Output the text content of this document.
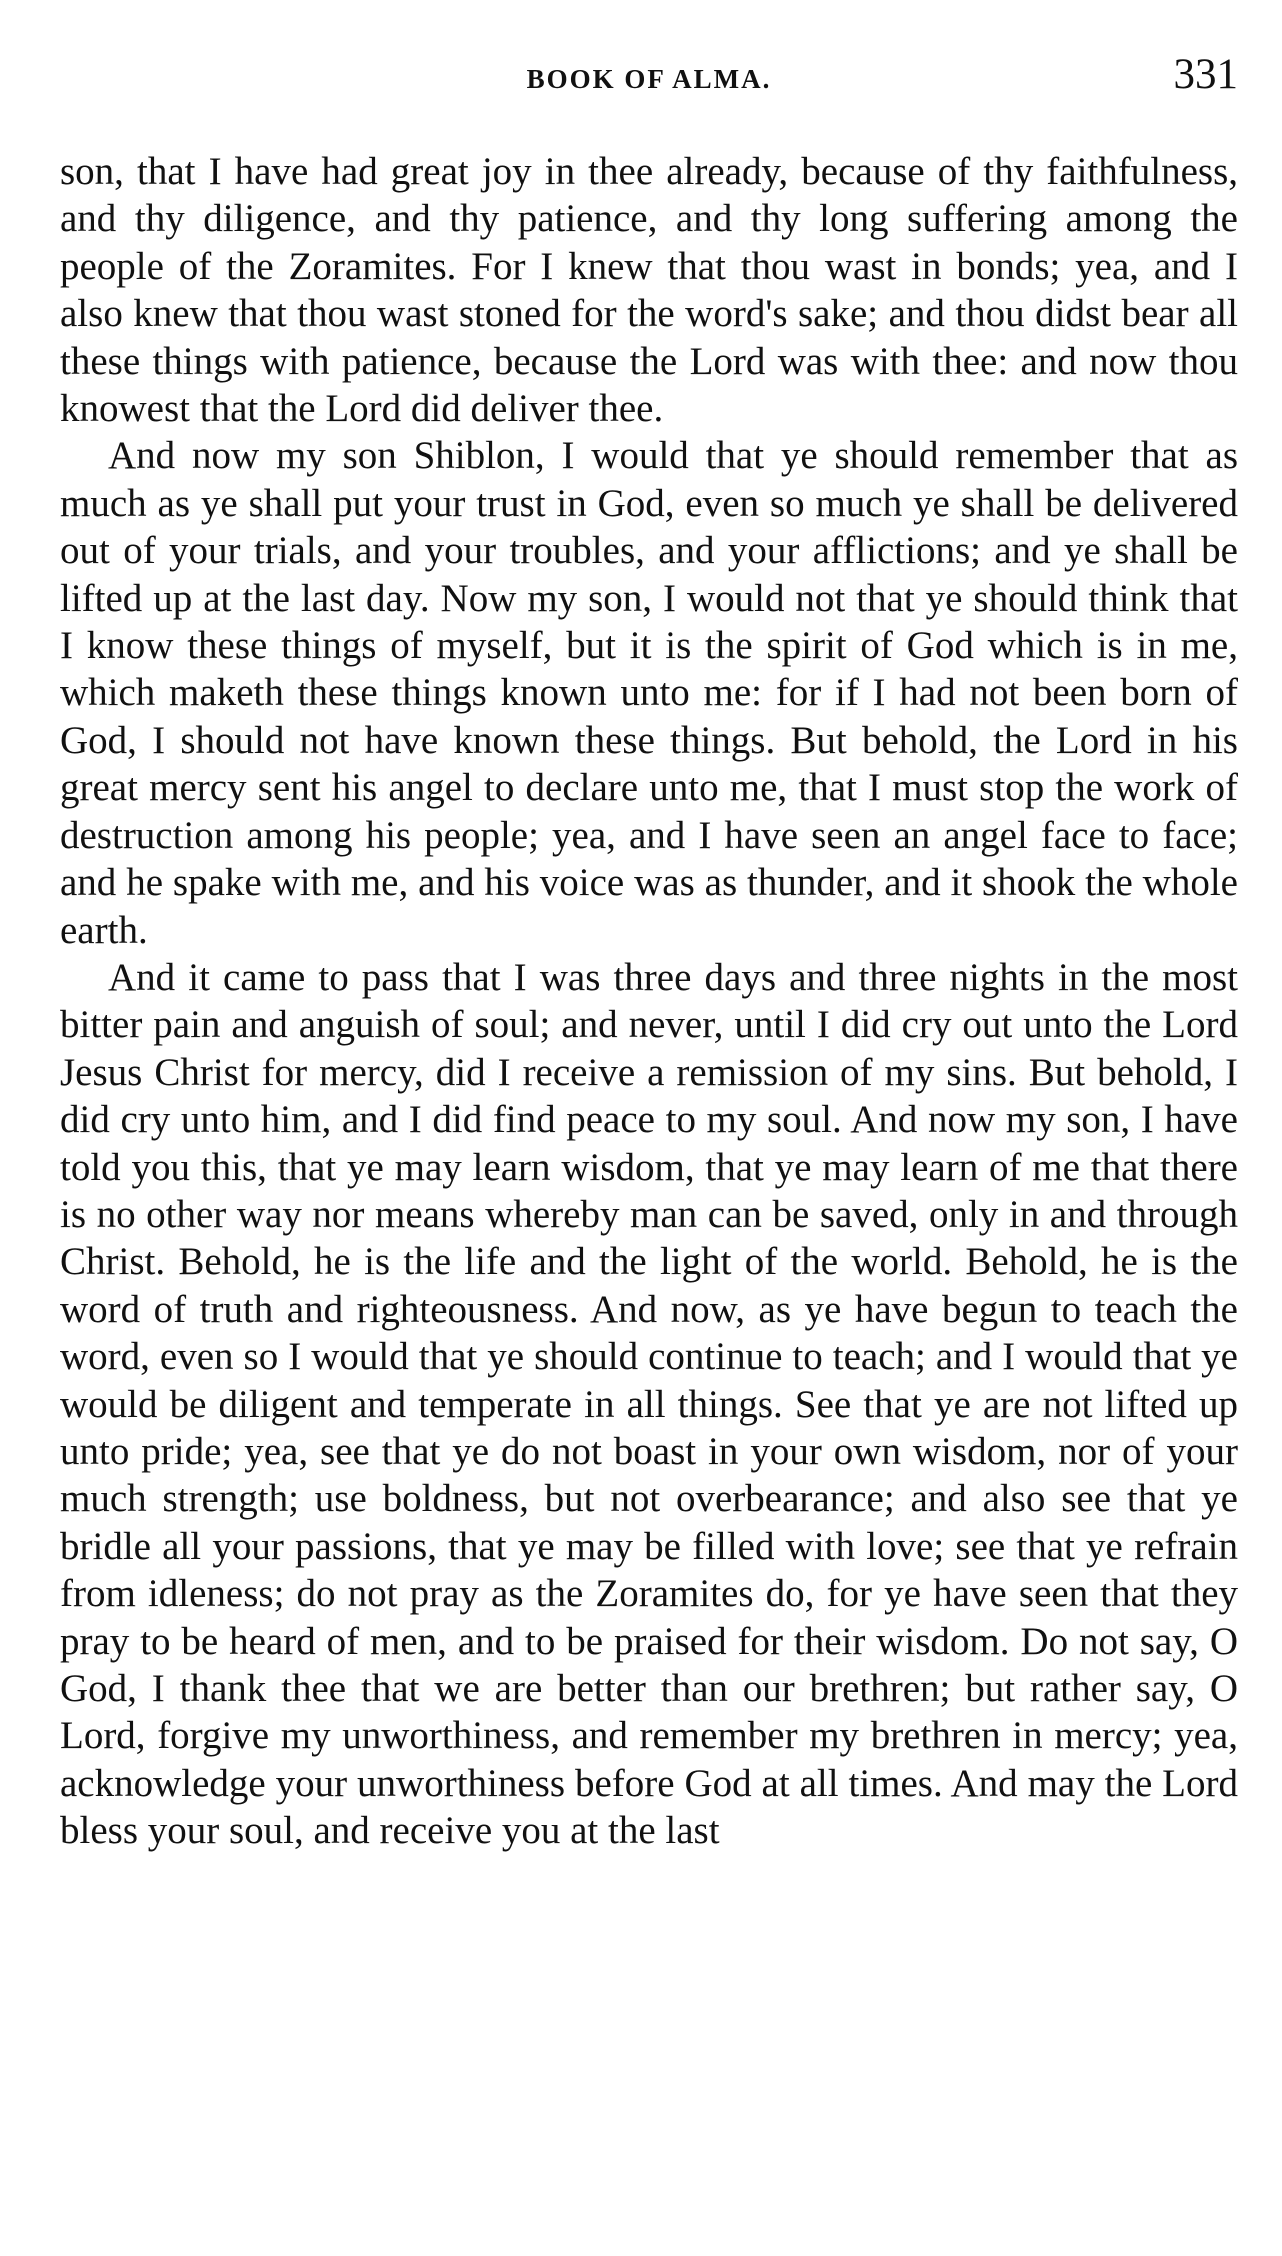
BOOK OF ALMA.	331

son, that I have had great joy in thee already, because of thy faithfulness, and thy diligence, and thy patience, and thy long suffering among the people of the Zoramites. For I knew that thou wast in bonds; yea, and I also knew that thou wast stoned for the word's sake; and thou didst bear all these things with patience, because the Lord was with thee: and now thou knowest that the Lord did deliver thee.

And now my son Shiblon, I would that ye should remember that as much as ye shall put your trust in God, even so much ye shall be delivered out of your trials, and your troubles, and your afflictions; and ye shall be lifted up at the last day. Now my son, I would not that ye should think that I know these things of myself, but it is the spirit of God which is in me, which maketh these things known unto me: for if I had not been born of God, I should not have known these things. But behold, the Lord in his great mercy sent his angel to declare unto me, that I must stop the work of destruction among his people; yea, and I have seen an angel face to face; and he spake with me, and his voice was as thunder, and it shook the whole earth.

And it came to pass that I was three days and three nights in the most bitter pain and anguish of soul; and never, until I did cry out unto the Lord Jesus Christ for mercy, did I receive a remission of my sins. But behold, I did cry unto him, and I did find peace to my soul. And now my son, I have told you this, that ye may learn wisdom, that ye may learn of me that there is no other way nor means whereby man can be saved, only in and through Christ. Behold, he is the life and the light of the world. Behold, he is the word of truth and righteousness. And now, as ye have begun to teach the word, even so I would that ye should continue to teach; and I would that ye would be diligent and temperate in all things. See that ye are not lifted up unto pride; yea, see that ye do not boast in your own wisdom, nor of your much strength; use boldness, but not overbearance; and also see that ye bridle all your passions, that ye may be filled with love; see that ye refrain from idleness; do not pray as the Zoramites do, for ye have seen that they pray to be heard of men, and to be praised for their wisdom. Do not say, O God, I thank thee that we are better than our brethren; but rather say, O Lord, forgive my unworthiness, and remember my brethren in mercy; yea, acknowledge your unworthiness before God at all times. And may the Lord bless your soul, and receive you at the last
